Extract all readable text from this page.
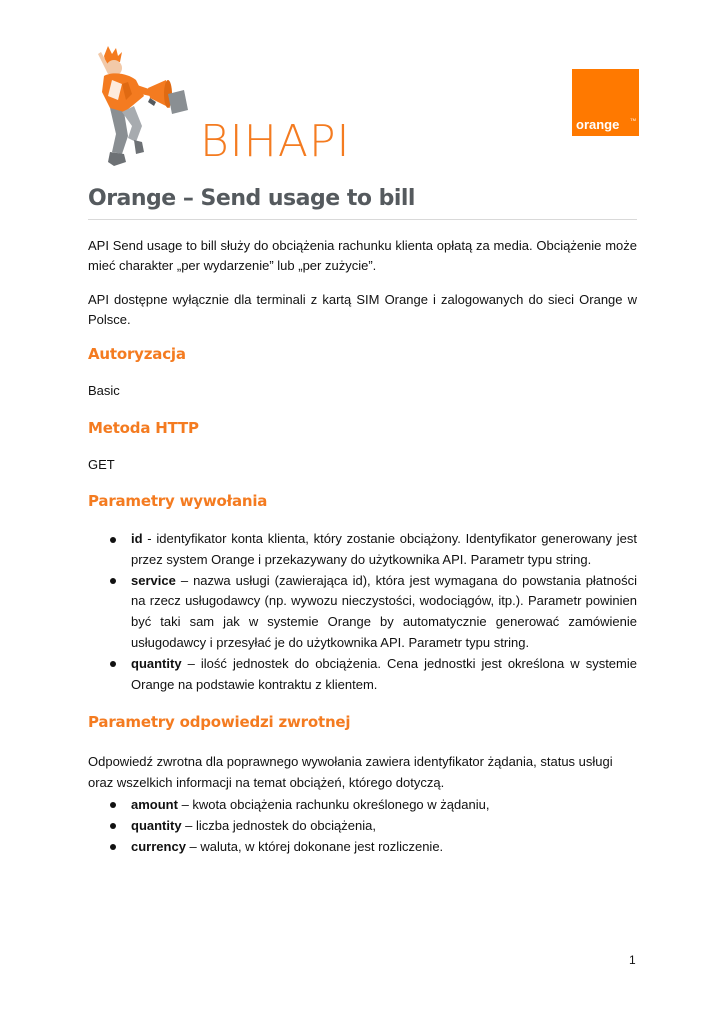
BIHAPI	orange	TM
Orange – Send usage to bill

API Send usage to bill służy do obciążenia rachunku klienta opłatą za media. Obciążenie może mieć charakter „per wydarzenie” lub „per zużycie”.

API dostępne wyłącznie dla terminali z kartą SIM Orange i zalogowanych do sieci Orange w Polsce.

Autoryzacja

Basic

Metoda HTTP

GET

Parametry wywołania
id - identyfikator konta klienta, który zostanie obciążony. Identyfikator generowany jest przez system Orange i przekazywany do użytkownika API. Parametr typu string.
service – nazwa usługi (zawierająca id), która jest wymagana do powstania płatności na rzecz usługodawcy (np. wywozu nieczystości, wodociągów, itp.). Parametr powinien być taki sam jak w systemie Orange by automatycznie generować zamówienie usługodawcy i przesyłać je do użytkownika API. Parametr typu string.
quantity – ilość jednostek do obciążenia. Cena jednostki jest określona w systemie Orange na podstawie kontraktu z klientem.
Parametry odpowiedzi zwrotnej

Odpowiedź zwrotna dla poprawnego wywołania zawiera identyfikator żądania, status usługi oraz wszelkich informacji na temat obciążeń, którego dotyczą.

amount – kwota obciążenia rachunku określonego w żądaniu,
quantity – liczba jednostek do obciążenia,
currency – waluta, w której dokonane jest rozliczenie.
1
